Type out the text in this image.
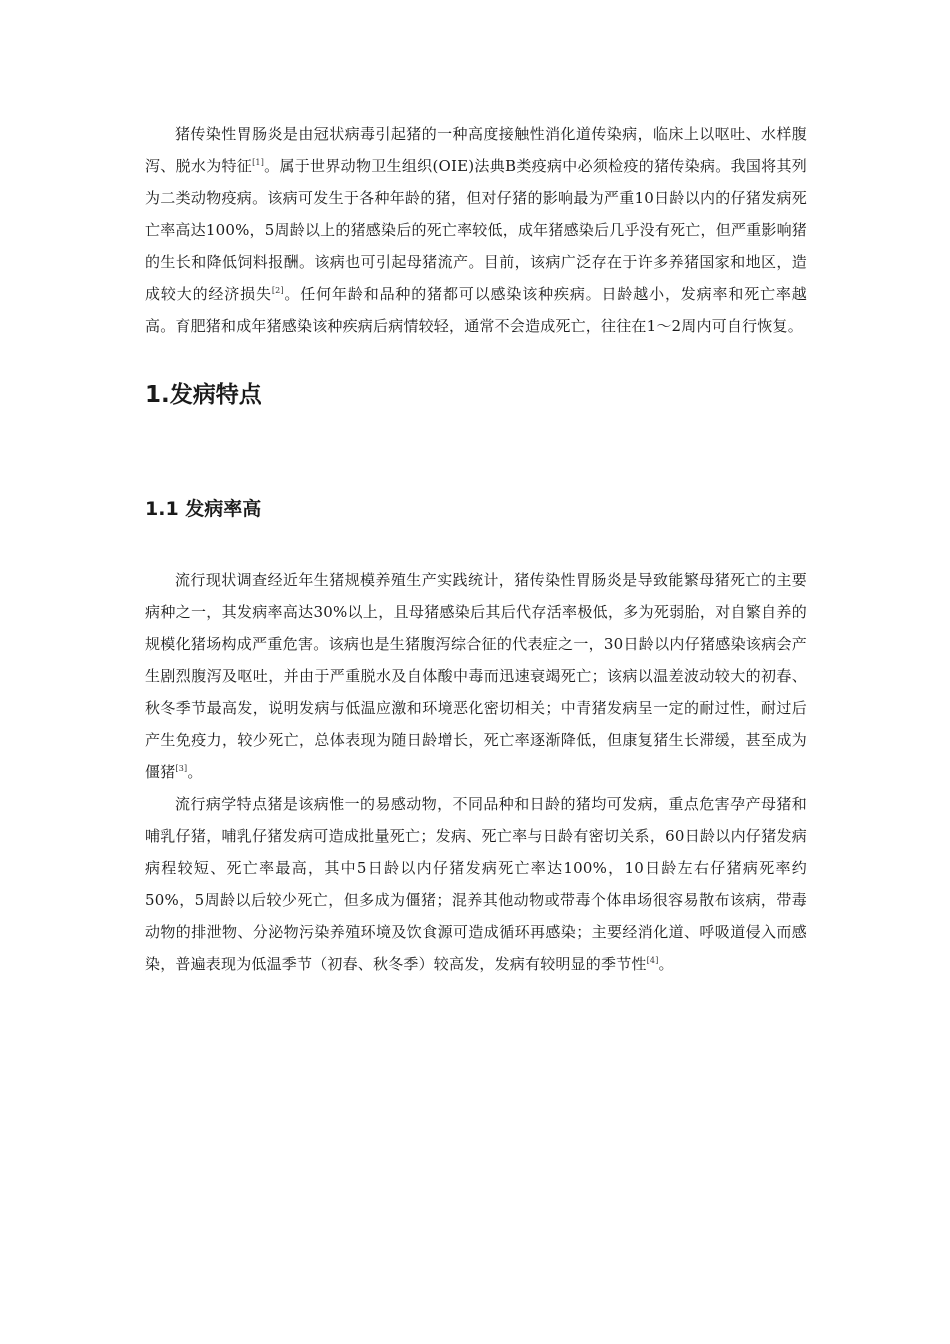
猪传染性胃肠炎是由冠状病毒引起猪的一种高度接触性消化道传染病，临床上以呕吐、水样腹泻、脱水为特征[1]。属于世界动物卫生组织(OIE)法典B类疫病中必须检疫的猪传染病。我国将其列为二类动物疫病。该病可发生于各种年龄的猪，但对仔猪的影响最为严重10日龄以内的仔猪发病死亡率高达100%，5周龄以上的猪感染后的死亡率较低，成年猪感染后几乎没有死亡，但严重影响猪的生长和降低饲料报酬。该病也可引起母猪流产。目前，该病广泛存在于许多养猪国家和地区，造成较大的经济损失[2]。任何年龄和品种的猪都可以感染该种疾病。日龄越小，发病率和死亡率越高。育肥猪和成年猪感染该种疾病后病情较轻，通常不会造成死亡，往往在1～2周内可自行恢复。

1.发病特点
1.1 发病率高

流行现状调查经近年生猪规模养殖生产实践统计，猪传染性胃肠炎是导致能繁母猪死亡的主要病种之一，其发病率高达30%以上，且母猪感染后其后代存活率极低，多为死弱胎，对自繁自养的规模化猪场构成严重危害。该病也是生猪腹泻综合征的代表症之一，30日龄以内仔猪感染该病会产生剧烈腹泻及呕吐，并由于严重脱水及自体酸中毒而迅速衰竭死亡；该病以温差波动较大的初春、秋冬季节最高发，说明发病与低温应激和环境恶化密切相关；中青猪发病呈一定的耐过性，耐过后产生免疫力，较少死亡，总体表现为随日龄增长，死亡率逐渐降低，但康复猪生长滞缓，甚至成为僵猪[3]。

流行病学特点猪是该病惟一的易感动物，不同品种和日龄的猪均可发病，重点危害孕产母猪和哺乳仔猪，哺乳仔猪发病可造成批量死亡；发病、死亡率与日龄有密切关系，60日龄以内仔猪发病病程较短、死亡率最高，其中5日龄以内仔猪发病死亡率达100%，10日龄左右仔猪病死率约50%，5周龄以后较少死亡，但多成为僵猪；混养其他动物或带毒个体串场很容易散布该病，带毒动物的排泄物、分泌物污染养殖环境及饮食源可造成循环再感染；主要经消化道、呼吸道侵入而感染，普遍表现为低温季节（初春、秋冬季）较高发，发病有较明显的季节性[4]。
